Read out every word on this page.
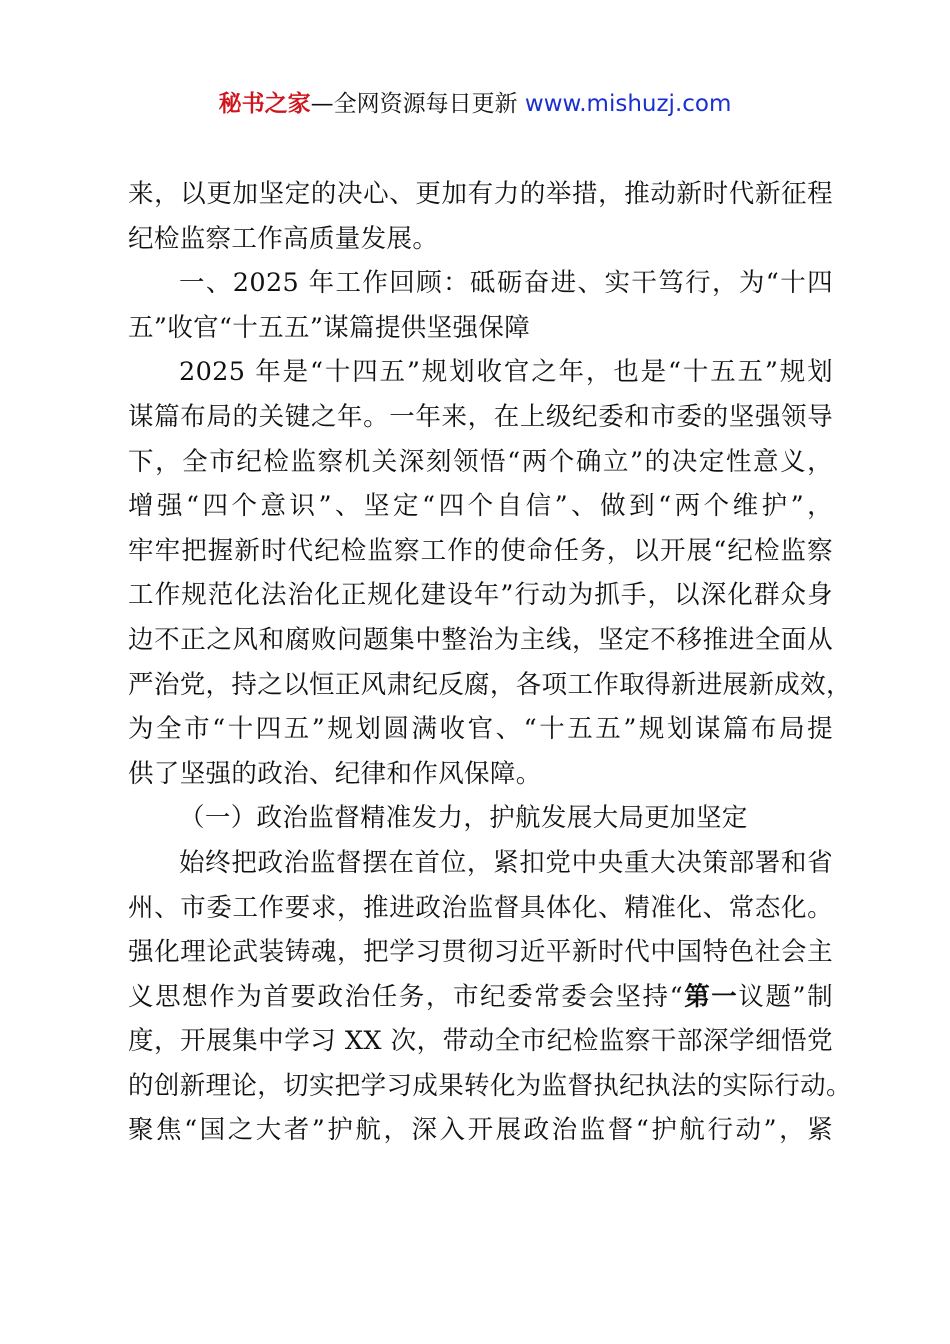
秘书之家—全网资源每日更新 www.mishuzj.com
来，以更加坚定的决心、更加有力的举措，推动新时代新征程
纪检监察工作高质量发展。
一、2025 年工作回顾：砥砺奋进、实干笃行，为“十四
五”收官“十五五”谋篇提供坚强保障
2025 年是“十四五”规划收官之年，也是“十五五”规划
谋篇布局的关键之年。一年来，在上级纪委和市委的坚强领导
下，全市纪检监察机关深刻领悟“两个确立”的决定性意义，
增强“四个意识”、坚定“四个自信”、做到“两个维护”，
牢牢把握新时代纪检监察工作的使命任务，以开展“纪检监察
工作规范化法治化正规化建设年”行动为抓手，以深化群众身
边不正之风和腐败问题集中整治为主线，坚定不移推进全面从
严治党，持之以恒正风肃纪反腐，各项工作取得新进展新成效，
为全市“十四五”规划圆满收官、“十五五”规划谋篇布局提
供了坚强的政治、纪律和作风保障。
（一）政治监督精准发力，护航发展大局更加坚定
始终把政治监督摆在首位，紧扣党中央重大决策部署和省
州、市委工作要求，推进政治监督具体化、精准化、常态化。
强化理论武装铸魂，把学习贯彻习近平新时代中国特色社会主
义思想作为首要政治任务，市纪委常委会坚持“第一议题”制
度，开展集中学习 XX 次，带动全市纪检监察干部深学细悟党
的创新理论，切实把学习成果转化为监督执纪执法的实际行动。
聚焦“国之大者”护航，深入开展政治监督“护航行动”，紧
